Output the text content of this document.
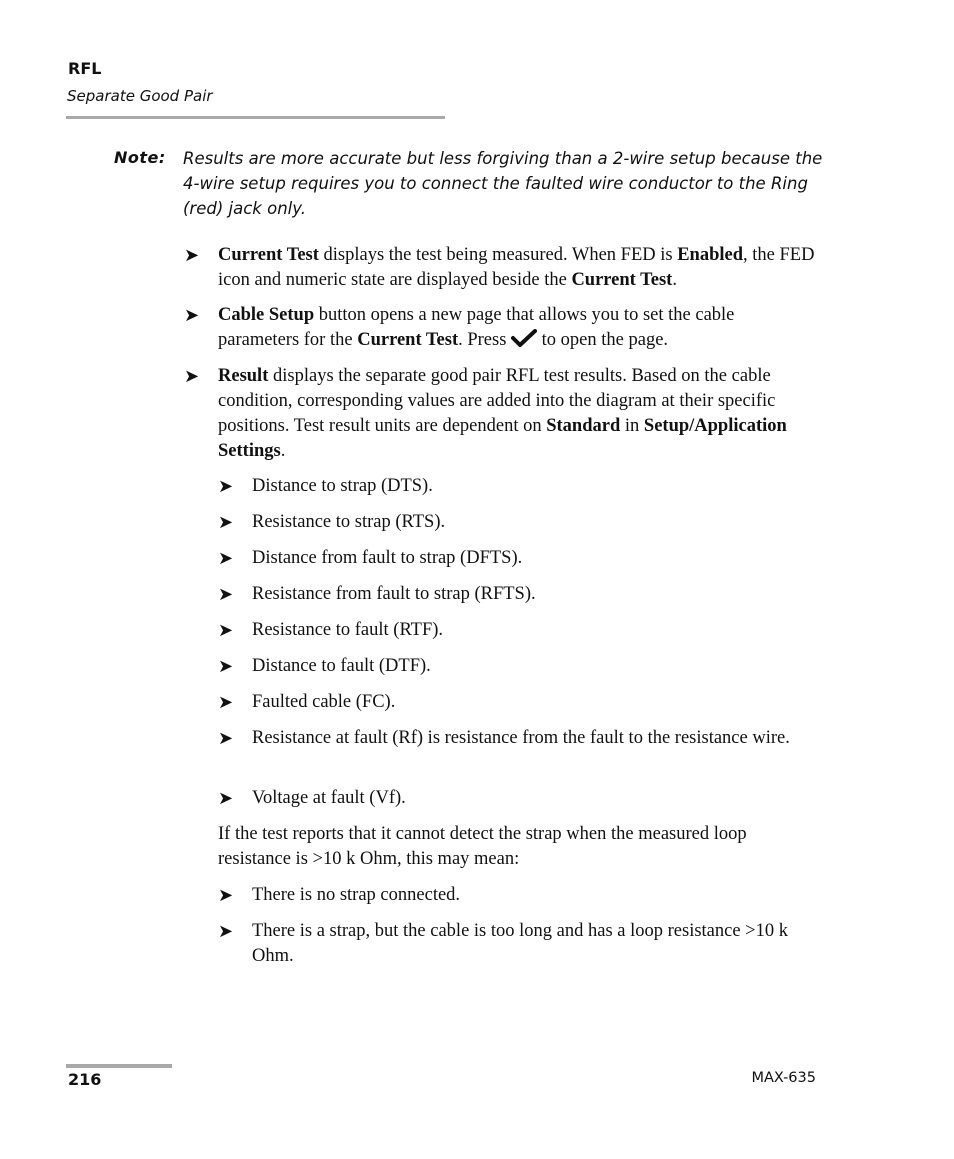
RFL
Separate Good Pair
Note: Results are more accurate but less forgiving than a 2-wire setup because the 4-wire setup requires you to connect the faulted wire conductor to the Ring (red) jack only.
➤ Current Test displays the test being measured. When FED is Enabled, the FED icon and numeric state are displayed beside the Current Test.
➤ Cable Setup button opens a new page that allows you to set the cable parameters for the Current Test. Press  to open the page.
➤ Result displays the separate good pair RFL test results. Based on the cable condition, corresponding values are added into the diagram at their specific positions. Test result units are dependent on Standard in Setup/Application Settings.
➤ Distance to strap (DTS).
➤ Resistance to strap (RTS).
➤ Distance from fault to strap (DFTS).
➤ Resistance from fault to strap (RFTS).
➤ Resistance to fault (RTF).
➤ Distance to fault (DTF).
➤ Faulted cable (FC).
➤ Resistance at fault (Rf) is resistance from the fault to the resistance wire.
➤ Voltage at fault (Vf).
If the test reports that it cannot detect the strap when the measured loop resistance is >10 k Ohm, this may mean:
➤ There is no strap connected.
➤ There is a strap, but the cable is too long and has a loop resistance >10 k Ohm.
216	MAX-635
